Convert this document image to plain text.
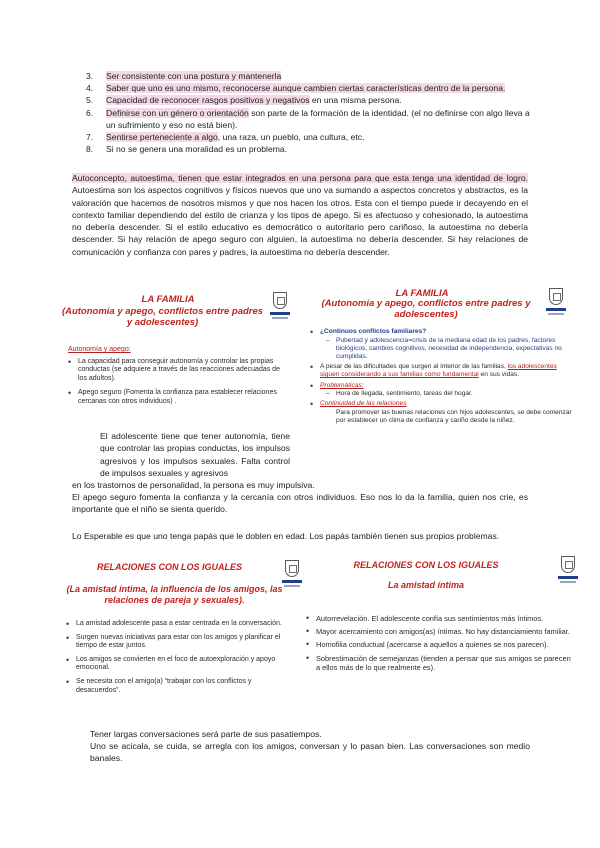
3.	Ser consistente con una postura y mantenerla
4.	Saber que uno es uno mismo, reconocerse aunque cambien ciertas características dentro de la persona.
5.	Capacidad de reconocer rasgos positivos y negativos en una misma persona.
6.	Definirse con un género o orientación son parte de la formación de la identidad. (el no definirse con algo lleva a un sufrimiento y eso no está bien).
7.	Sentirse perteneciente a algo, una raza, un pueblo, una cultura, etc.
8.	Si no se genera una moralidad es un problema.
Autoconcepto, autoestima, tienen que estar integrados en una persona para que esta tenga una identidad de logro. Autoestima son los aspectos cognitivos y físicos nuevos que uno va sumando a aspectos concretos y abstractos, es la valoración que hacemos de nosotros mismos y que nos hacen los otros. Esta con el tiempo puede ir decayendo en el contexto familiar dependiendo del estilo de crianza y los tipos de apego. Si es afectuoso y cohesionado, la autoestima no debería descender. Si el estilo educativo es democrático o autoritario pero cariñoso, la autoestima no debería descender. Si hay relación de apego seguro con alguien, la autoestima no debería descender. Si hay relaciones de comunicación y confianza con pares y padres, la autoestima no debería descender.
LA FAMILIA
(Autonomía y apego, conflictos entre padres y adolescentes)
Autonomía y apego:
• La capacidad para conseguir autonomía y controlar las propias conductas (se adquiere a través de las reacciones adecuadas de los adultos).
• Apego seguro (Fomenta la confianza para establecer relaciones cercanas con otros individuos) .
LA FAMILIA
(Autonomía y apego, conflictos entre padres y adolescentes)
•	¿Continuos conflictos familiares?
– Pubertad y adolescencia=crisis de la mediana edad de los padres, factores biológicos, cambios cognitivos, necesidad de independencia, expectativas no cumplidas.
•	A pesar de las dificultades que surgen al interior de las familias, los adolescentes siguen considerando a sus familias como fundamental en sus vidas.
•	Problemáticas:
– Hora de llegada, sentimiento, tareas del hogar.
•	Continuidad de las relaciones
Para promover las buenas relaciones con hijos adolescentes, se debe comenzar por establecer un clima de confianza y cariño desde la niñez.
El adolescente tiene que tener autonomía, tiene que controlar las propias conductas, los impulsos agresivos y los impulsos sexuales. Falta control de impulsos sexuales y agresivos
en los trastornos de personalidad, la persona es muy impulsiva.
El apego seguro fomenta la confianza y la cercanía con otros individuos. Eso nos lo da la familia, quien nos crie, es importante que el niño se sienta querido.
Lo Esperable es que uno tenga papás que le doblen en edad. Los papás también tienen sus propios problemas.
RELACIONES CON LOS IGUALES
(La amistad íntima, la influencia de los amigos, las relaciones de pareja y sexuales).
• La amistad adolescente pasa a estar centrada en la conversación.
• Surgen nuevas iniciativas para estar con los amigos y planificar el tiempo de estar juntos.
• Los amigos se convierten en el foco de autoexploración y apoyo emocional.
• Se necesita con el amigo(a) “trabajar con los conflictos y desacuerdos”.
RELACIONES CON LOS IGUALES
La amistad íntima
• Autorrevelación. El adolescente confía sus sentimientos más íntimos.
• Mayor acercamiento con amigos(as) íntimas. No hay distanciamiento familiar.
• Homofilia conductual (acercarse a aquellos a quienes se nos parecen).
• Sobrestimación de semejanzas (tienden a pensar que sus amigos se parecen a ellos más de lo que realmente es).
Tener largas conversaciones será parte de sus pasatiempos.
Uno se acicala, se cuida, se arregla con los amigos, conversan y lo pasan bien. Las conversaciones son medio banales.
